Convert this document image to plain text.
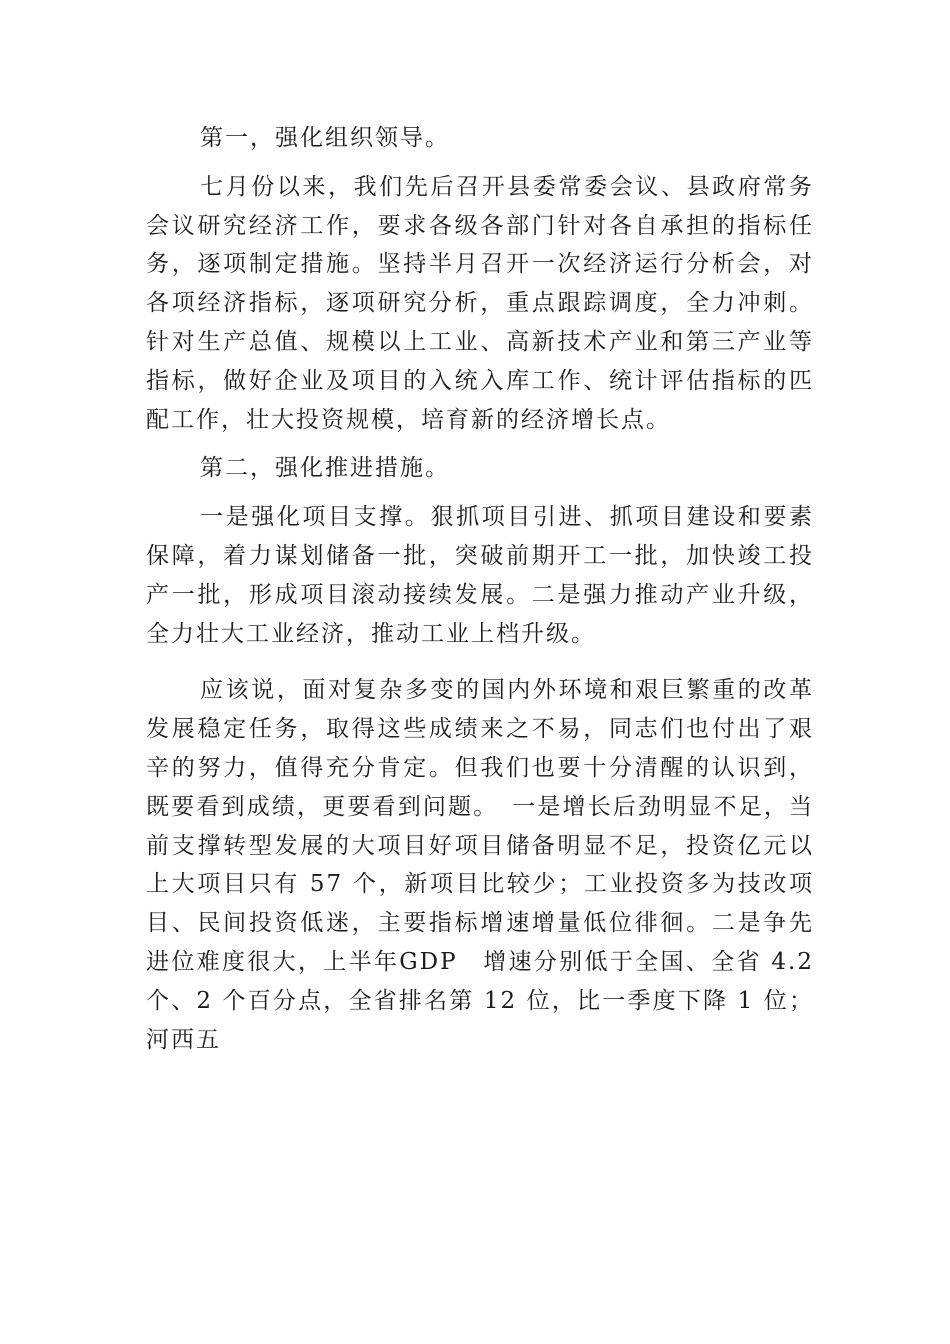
第一，强化组织领导。

七月份以来，我们先后召开县委常委会议、县政府常务会议研究经济工作，要求各级各部门针对各自承担的指标任务，逐项制定措施。坚持半月召开一次经济运行分析会，对各项经济指标，逐项研究分析，重点跟踪调度，全力冲刺。针对生产总值、规模以上工业、高新技术产业和第三产业等指标，做好企业及项目的入统入库工作、统计评估指标的匹配工作，壮大投资规模，培育新的经济增长点。

第二，强化推进措施。

一是强化项目支撑。狠抓项目引进、抓项目建设和要素保障，着力谋划储备一批，突破前期开工一批，加快竣工投产一批，形成项目滚动接续发展。二是强力推动产业升级，全力壮大工业经济，推动工业上档升级。

应该说，面对复杂多变的国内外环境和艰巨繁重的改革发展稳定任务，取得这些成绩来之不易，同志们也付出了艰辛的努力，值得充分肯定。但我们也要十分清醒的认识到，既要看到成绩，更要看到问题。　一是增长后劲明显不足，当前支撑转型发展的大项目好项目储备明显不足，投资亿元以上大项目只有 57 个，新项目比较少；工业投资多为技改项目、民间投资低迷，主要指标增速增量低位徘徊。二是争先进位难度很大，上半年GDP　增速分别低于全国、全省 4.2 个、2 个百分点，全省排名第 12 位，比一季度下降 1 位；河西五
